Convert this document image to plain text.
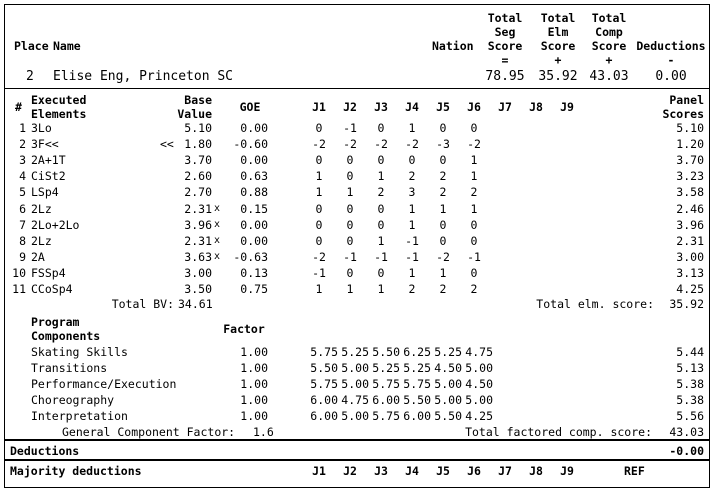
Place Name	Nation
Total
Seg
Score
=
Total
Elm
Score
+
Total
Comp
Score
+
Deductions
-
2 Elise Eng, Princeton SC	78.95	35.92 43.03	0.00
# Executed
Elements
Base
Value	GOE	J1	J2	J3	J4	J5	J6	J7	J8	J9	Panel
Scores
1 3Lo	5.10	0.00	0	-1	0	1	0	0	5.10
2 3F<<	<< 1.80	-0.60	-2	-2	-2	-2	-3	-2	1.20
3 2A+1T	3.70	0.00	0	0	0	0	0	1	3.70
4 CiSt2	2.60	0.63	1	0	1	2	2	1	3.23
5 LSp4	2.70	0.88	1	1	2	3	2	2	3.58
6 2Lz	2.31 x	0.15	0	0	0	1	1	1	2.46
7 2Lo+2Lo	3.96 x	0.00	0	0	0	1	0	0	3.96
8 2Lz	2.31 x	0.00	0	0	1	-1	0	0	2.31
9 2A	3.63 x	-0.63	-2	-1	-1	-1	-2	-1	3.00
10 FSSp4	3.00	0.13	-1	0	0	1	1	0	3.13
11 CCoSp4	3.50	0.75	1	1	1	2	2	2	4.25
Total BV: 34.61	Total elm. score:	35.92
Program
Components	Factor
Skating Skills	1.00	5.75 5.25 5.50 6.25 5.25 4.75	5.44
Transitions	1.00	5.50 5.00 5.25 5.25 4.50 5.00	5.13
Performance/Execution	1.00	5.75 5.00 5.75 5.75 5.00 4.50	5.38
Choreography	1.00	6.00 4.75 6.00 5.50 5.00 5.00	5.38
Interpretation	1.00	6.00 5.00 5.75 6.00 5.50 4.25	5.56
General Component Factor: 1.6	Total factored comp. score:	43.03
Deductions	-0.00
Majority deductions	J1	J2	J3	J4	J5	J6	J7	J8	J9	REF
